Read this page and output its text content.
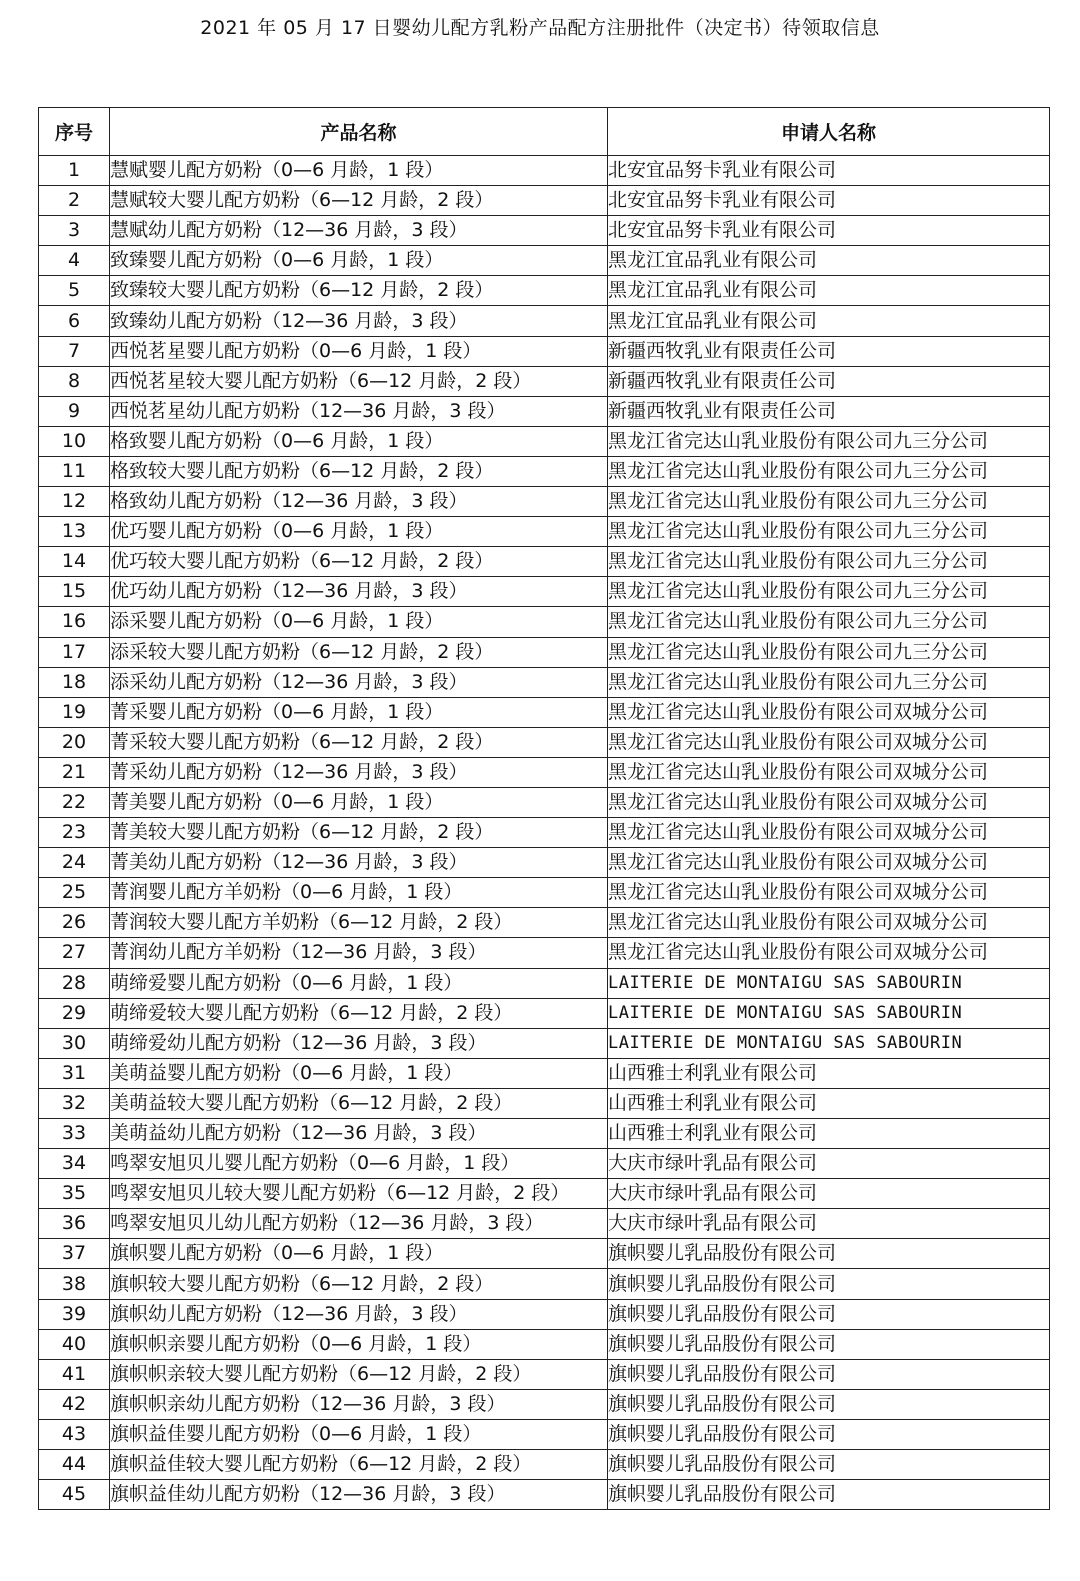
2021 年 05 月 17 日婴幼儿配方乳粉产品配方注册批件（决定书）待领取信息
序号	产品名称	申请人名称
1	慧赋婴儿配方奶粉（0—6 月龄，1 段）	北安宜品努卡乳业有限公司
2	慧赋较大婴儿配方奶粉（6—12 月龄，2 段）	北安宜品努卡乳业有限公司
3	慧赋幼儿配方奶粉（12—36 月龄，3 段）	北安宜品努卡乳业有限公司
4	致臻婴儿配方奶粉（0—6 月龄，1 段）	黑龙江宜品乳业有限公司
5	致臻较大婴儿配方奶粉（6—12 月龄，2 段）	黑龙江宜品乳业有限公司
6	致臻幼儿配方奶粉（12—36 月龄，3 段）	黑龙江宜品乳业有限公司
7	西悦茗星婴儿配方奶粉（0—6 月龄，1 段）	新疆西牧乳业有限责任公司
8	西悦茗星较大婴儿配方奶粉（6—12 月龄，2 段）	新疆西牧乳业有限责任公司
9	西悦茗星幼儿配方奶粉（12—36 月龄，3 段）	新疆西牧乳业有限责任公司
10	格致婴儿配方奶粉（0—6 月龄，1 段）	黑龙江省完达山乳业股份有限公司九三分公司
11	格致较大婴儿配方奶粉（6—12 月龄，2 段）	黑龙江省完达山乳业股份有限公司九三分公司
12	格致幼儿配方奶粉（12—36 月龄，3 段）	黑龙江省完达山乳业股份有限公司九三分公司
13	优巧婴儿配方奶粉（0—6 月龄，1 段）	黑龙江省完达山乳业股份有限公司九三分公司
14	优巧较大婴儿配方奶粉（6—12 月龄，2 段）	黑龙江省完达山乳业股份有限公司九三分公司
15	优巧幼儿配方奶粉（12—36 月龄，3 段）	黑龙江省完达山乳业股份有限公司九三分公司
16	添采婴儿配方奶粉（0—6 月龄，1 段）	黑龙江省完达山乳业股份有限公司九三分公司
17	添采较大婴儿配方奶粉（6—12 月龄，2 段）	黑龙江省完达山乳业股份有限公司九三分公司
18	添采幼儿配方奶粉（12—36 月龄，3 段）	黑龙江省完达山乳业股份有限公司九三分公司
19	菁采婴儿配方奶粉（0—6 月龄，1 段）	黑龙江省完达山乳业股份有限公司双城分公司
20	菁采较大婴儿配方奶粉（6—12 月龄，2 段）	黑龙江省完达山乳业股份有限公司双城分公司
21	菁采幼儿配方奶粉（12—36 月龄，3 段）	黑龙江省完达山乳业股份有限公司双城分公司
22	菁美婴儿配方奶粉（0—6 月龄，1 段）	黑龙江省完达山乳业股份有限公司双城分公司
23	菁美较大婴儿配方奶粉（6—12 月龄，2 段）	黑龙江省完达山乳业股份有限公司双城分公司
24	菁美幼儿配方奶粉（12—36 月龄，3 段）	黑龙江省完达山乳业股份有限公司双城分公司
25	菁润婴儿配方羊奶粉（0—6 月龄，1 段）	黑龙江省完达山乳业股份有限公司双城分公司
26	菁润较大婴儿配方羊奶粉（6—12 月龄，2 段）	黑龙江省完达山乳业股份有限公司双城分公司
27	菁润幼儿配方羊奶粉（12—36 月龄，3 段）	黑龙江省完达山乳业股份有限公司双城分公司
28	萌缔爱婴儿配方奶粉（0—6 月龄，1 段）	LAITERIE DE MONTAIGU SAS SABOURIN
29	萌缔爱较大婴儿配方奶粉（6—12 月龄，2 段）	LAITERIE DE MONTAIGU SAS SABOURIN
30	萌缔爱幼儿配方奶粉（12—36 月龄，3 段）	LAITERIE DE MONTAIGU SAS SABOURIN
31	美萌益婴儿配方奶粉（0—6 月龄，1 段）	山西雅士利乳业有限公司
32	美萌益较大婴儿配方奶粉（6—12 月龄，2 段）	山西雅士利乳业有限公司
33	美萌益幼儿配方奶粉（12—36 月龄，3 段）	山西雅士利乳业有限公司
34	鸣翠安旭贝儿婴儿配方奶粉（0—6 月龄，1 段）	大庆市绿叶乳品有限公司
35	鸣翠安旭贝儿较大婴儿配方奶粉（6—12 月龄，2 段）	大庆市绿叶乳品有限公司
36	鸣翠安旭贝儿幼儿配方奶粉（12—36 月龄，3 段）	大庆市绿叶乳品有限公司
37	旗帜婴儿配方奶粉（0—6 月龄，1 段）	旗帜婴儿乳品股份有限公司
38	旗帜较大婴儿配方奶粉（6—12 月龄，2 段）	旗帜婴儿乳品股份有限公司
39	旗帜幼儿配方奶粉（12—36 月龄，3 段）	旗帜婴儿乳品股份有限公司
40	旗帜帜亲婴儿配方奶粉（0—6 月龄，1 段）	旗帜婴儿乳品股份有限公司
41	旗帜帜亲较大婴儿配方奶粉（6—12 月龄，2 段）	旗帜婴儿乳品股份有限公司
42	旗帜帜亲幼儿配方奶粉（12—36 月龄，3 段）	旗帜婴儿乳品股份有限公司
43	旗帜益佳婴儿配方奶粉（0—6 月龄，1 段）	旗帜婴儿乳品股份有限公司
44	旗帜益佳较大婴儿配方奶粉（6—12 月龄，2 段）	旗帜婴儿乳品股份有限公司
45	旗帜益佳幼儿配方奶粉（12—36 月龄，3 段）	旗帜婴儿乳品股份有限公司
